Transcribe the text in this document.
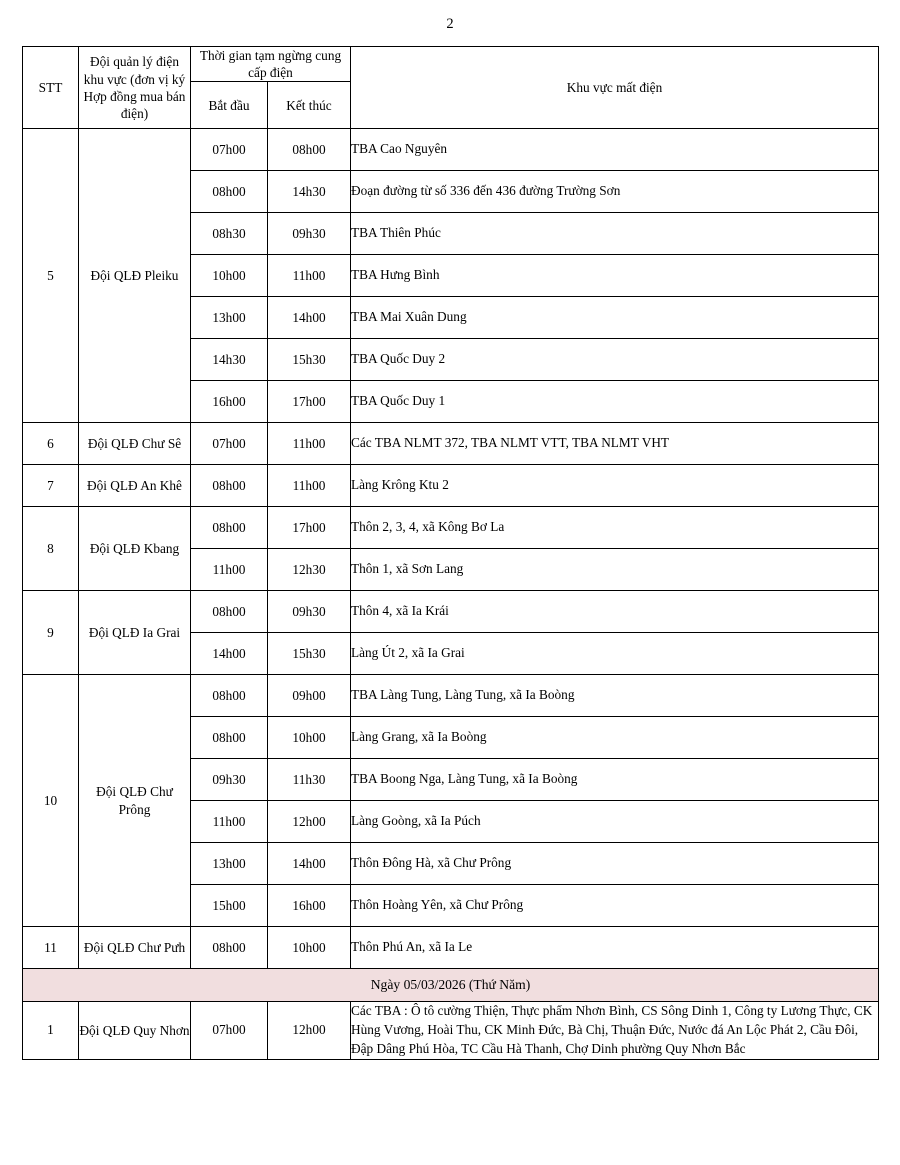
2
STT	Đội quản lý điện khu vực (đơn vị ký Hợp đồng mua bán điện)	Thời gian tạm ngừng cung cấp điện		Khu vực mất điện
		Bắt đầu	Kết thúc	
5	Đội QLĐ Pleiku	07h00	08h00	TBA Cao Nguyên
		08h00	14h30	Đoạn đường từ số 336 đến 436 đường Trường Sơn
		08h30	09h30	TBA Thiên Phúc
		10h00	11h00	TBA Hưng Bình
		13h00	14h00	TBA Mai Xuân Dung
		14h30	15h30	TBA Quốc Duy 2
		16h00	17h00	TBA Quốc Duy 1
6	Đội QLĐ Chư Sê	07h00	11h00	Các TBA NLMT 372, TBA NLMT VTT, TBA NLMT VHT
7	Đội QLĐ An Khê	08h00	11h00	Làng Krông Ktu 2
8	Đội QLĐ Kbang	08h00	17h00	Thôn 2, 3, 4, xã Kông Bơ La
		11h00	12h30	Thôn 1, xã Sơn Lang
9	Đội QLĐ Ia Grai	08h00	09h30	Thôn 4, xã Ia Krái
		14h00	15h30	Làng Út 2, xã Ia Grai
10	Đội QLĐ Chư Prông	08h00	09h00	TBA Làng Tung, Làng Tung, xã Ia Boòng
		08h00	10h00	Làng Grang, xã Ia Boòng
		09h30	11h30	TBA Boong Nga, Làng Tung, xã Ia Boòng
		11h00	12h00	Làng Goòng, xã Ia Púch
		13h00	14h00	Thôn Đông Hà, xã Chư Prông
		15h00	16h00	Thôn Hoàng Yên, xã Chư Prông
11	Đội QLĐ Chư Pưh	08h00	10h00	Thôn Phú An, xã Ia Le
Ngày 05/03/2026 (Thứ Năm)				
1	Đội QLĐ Quy Nhơn	07h00	12h00	Các TBA : Ô tô cường Thiện, Thực phẩm Nhơn Bình, CS Sông Dinh 1, Công ty Lương Thực, CK Hùng Vương, Hoài Thu, CK Minh Đức, Bà Chị, Thuận Đức, Nước đá An Lộc Phát 2, Cầu Đôi, Đập Dâng Phú Hòa, TC Cầu Hà Thanh, Chợ Dinh phường Quy Nhơn Bắc
